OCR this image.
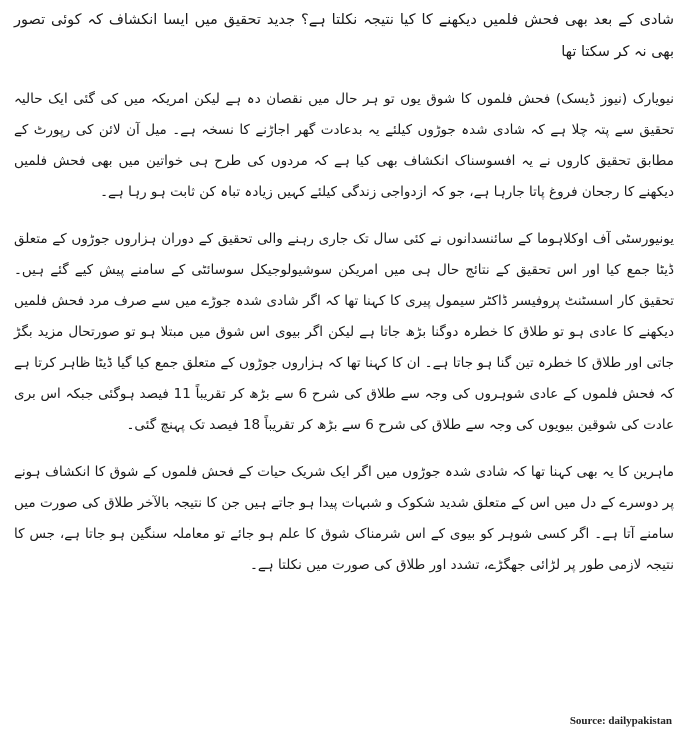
شادی کے بعد بھی فحش فلمیں دیکھنے کا کیا نتیجہ نکلتا ہے؟ جدید تحقیق میں ایسا انکشاف کہ کوئی تصور بھی نہ کر سکتا تھا

نیویارک (نیوز ڈیسک) فحش فلموں کا شوق یوں تو ہر حال میں نقصان دہ ہے لیکن امریکہ میں کی گئی ایک حالیہ تحقیق سے پتہ چلا ہے کہ شادی شدہ جوڑوں کیلئے یہ بدعادت گھر اجاڑنے کا نسخہ ہے۔ میل آن لائن کی رپورٹ کے مطابق تحقیق کاروں نے یہ افسوسناک انکشاف بھی کیا ہے کہ مردوں کی طرح ہی خواتین میں بھی فحش فلمیں دیکھنے کا رجحان فروغ پاتا جارہا ہے، جو کہ ازدواجی زندگی کیلئے کہیں زیادہ تباہ کن ثابت ہو رہا ہے۔

یونیورسٹی آف اوکلاہوما کے سائنسدانوں نے کئی سال تک جاری رہنے والی تحقیق کے دوران ہزاروں جوڑوں کے متعلق ڈیٹا جمع کیا اور اس تحقیق کے نتائج حال ہی میں امریکن سوشیولوجیکل سوسائٹی کے سامنے پیش کیے گئے ہیں۔ تحقیق کار اسسٹنٹ پروفیسر ڈاکٹر سیمول پیری کا کہنا تھا کہ اگر شادی شدہ جوڑے میں سے صرف مرد فحش فلمیں دیکھنے کا عادی ہو تو طلاق کا خطرہ دوگنا بڑھ جاتا ہے لیکن اگر بیوی اس شوق میں مبتلا ہو تو صورتحال مزید بگڑ جاتی اور طلاق کا خطرہ تین گنا ہو جاتا ہے۔ ان کا کہنا تھا کہ ہزاروں جوڑوں کے متعلق جمع کیا گیا ڈیٹا ظاہر کرتا ہے کہ فحش فلموں کے عادی شوہروں کی وجہ سے طلاق کی شرح 6 سے بڑھ کر تقریباً 11 فیصد ہوگئی جبکہ اس بری عادت کی شوقین بیویوں کی وجہ سے طلاق کی شرح 6 سے بڑھ کر تقریباً 18 فیصد تک پہنچ گئی۔

ماہرین کا یہ بھی کہنا تھا کہ شادی شدہ جوڑوں میں اگر ایک شریک حیات کے فحش فلموں کے شوق کا انکشاف ہونے پر دوسرے کے دل میں اس کے متعلق شدید شکوک و شبہات پیدا ہو جاتے ہیں جن کا نتیجہ بالآخر طلاق کی صورت میں سامنے آتا ہے۔ اگر کسی شوہر کو بیوی کے اس شرمناک شوق کا علم ہو جائے تو معاملہ سنگین ہو جاتا ہے، جس کا نتیجہ لازمی طور پر لڑائی جھگڑے، تشدد اور طلاق کی صورت میں نکلتا ہے۔

Source: dailypakistan
